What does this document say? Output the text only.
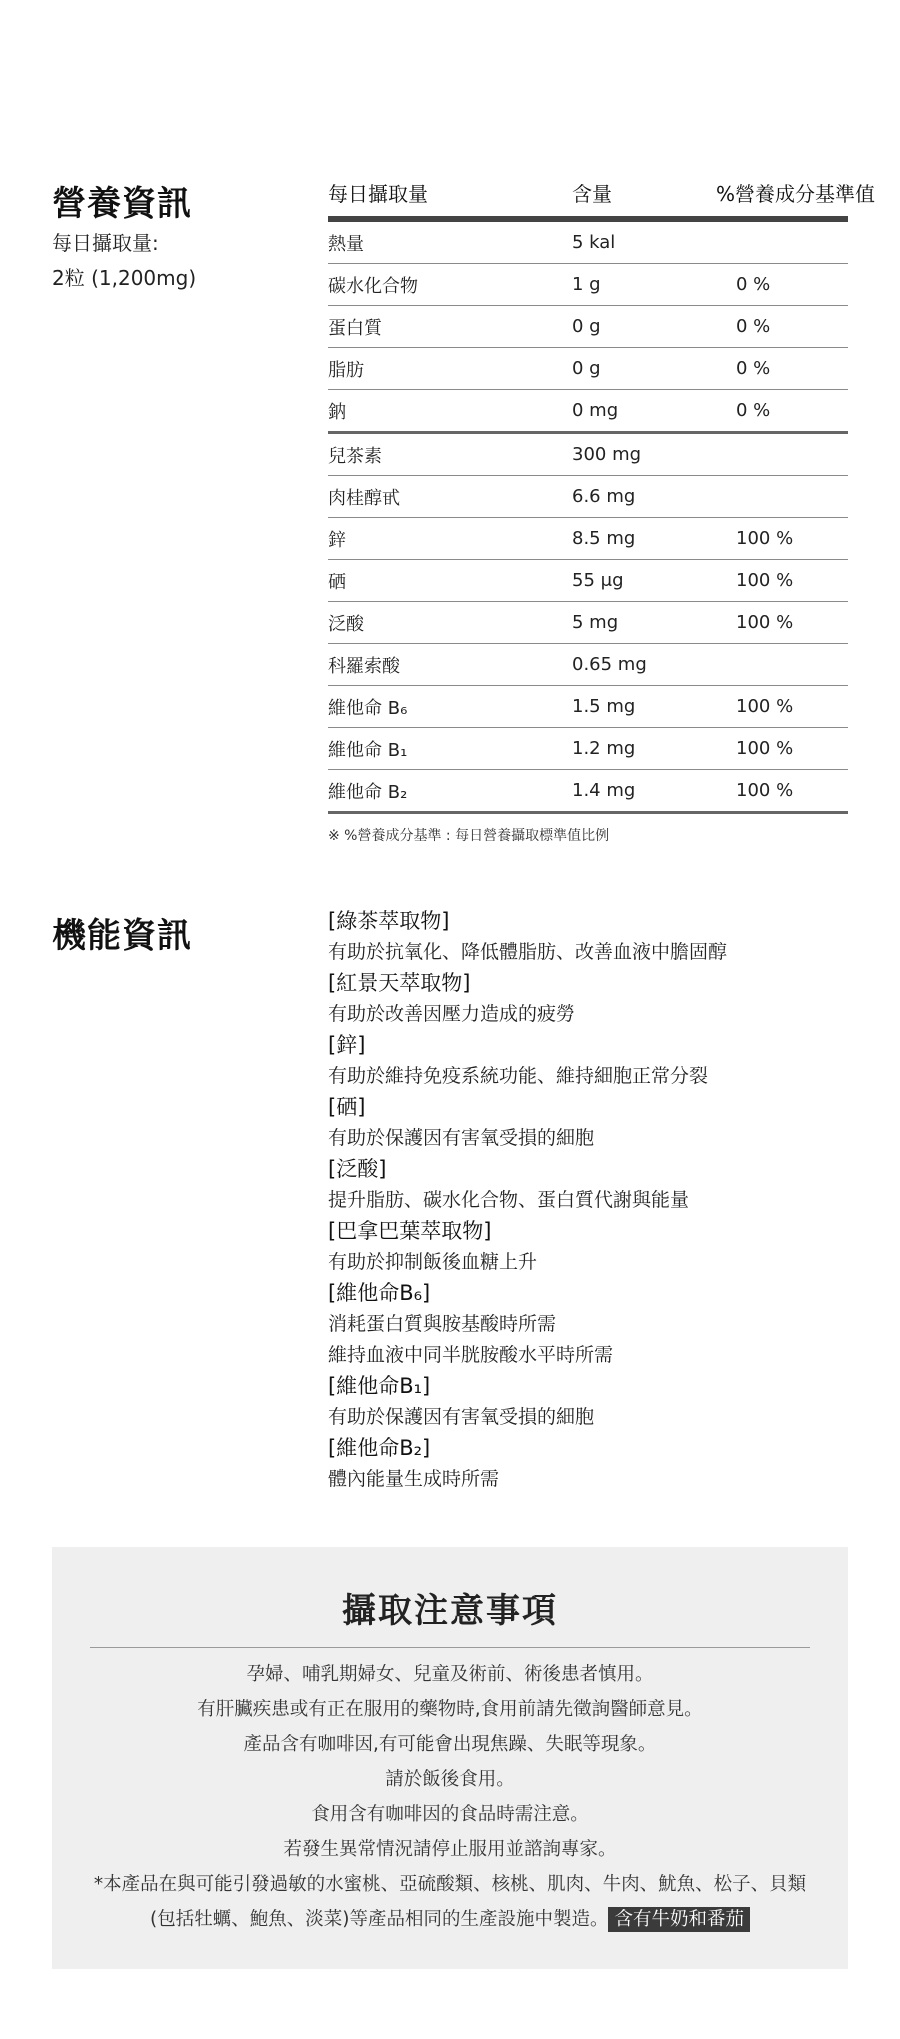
營養資訊
每日攝取量:
2粒 (1,200mg)
每日攝取量	含量	%營養成分基準值
熱量	5 kal
碳水化合物	1 g	0 %
蛋白質	0 g	0 %
脂肪	0 g	0 %
鈉	0 mg	0 %
兒茶素	300 mg
肉桂醇甙	6.6 mg
鋅	8.5 mg	100 %
硒	55 μg	100 %
泛酸	5 mg	100 %
科羅索酸	0.65 mg
維他命 B₆	1.5 mg	100 %
維他命 B₁	1.2 mg	100 %
維他命 B₂	1.4 mg	100 %
※ %營養成分基準 : 每日營養攝取標準值比例
機能資訊	[綠茶萃取物]
有助於抗氧化、降低體脂肪、改善血液中膽固醇
[紅景天萃取物]
有助於改善因壓力造成的疲勞
[鋅]
有助於維持免疫系統功能、維持細胞正常分裂
[硒]
有助於保護因有害氧受損的細胞
[泛酸]
提升脂肪、碳水化合物、蛋白質代謝與能量
[巴拿巴葉萃取物]
有助於抑制飯後血糖上升
[維他命B₆]
消耗蛋白質與胺基酸時所需
維持血液中同半胱胺酸水平時所需
[維他命B₁]
有助於保護因有害氧受損的細胞
[維他命B₂]
體內能量生成時所需
攝取注意事項
孕婦、哺乳期婦女、兒童及術前、術後患者慎用。
有肝臟疾患或有正在服用的藥物時,食用前請先徵詢醫師意見。
產品含有咖啡因,有可能會出現焦躁、失眠等現象。
請於飯後食用。
食用含有咖啡因的食品時需注意。
若發生異常情況請停止服用並諮詢專家。
*本產品在與可能引發過敏的水蜜桃、亞硫酸類、核桃、肌肉、牛肉、魷魚、松子、貝類
(包括牡蠣、鮑魚、淡菜)等產品相同的生產設施中製造。 含有牛奶和番茄
